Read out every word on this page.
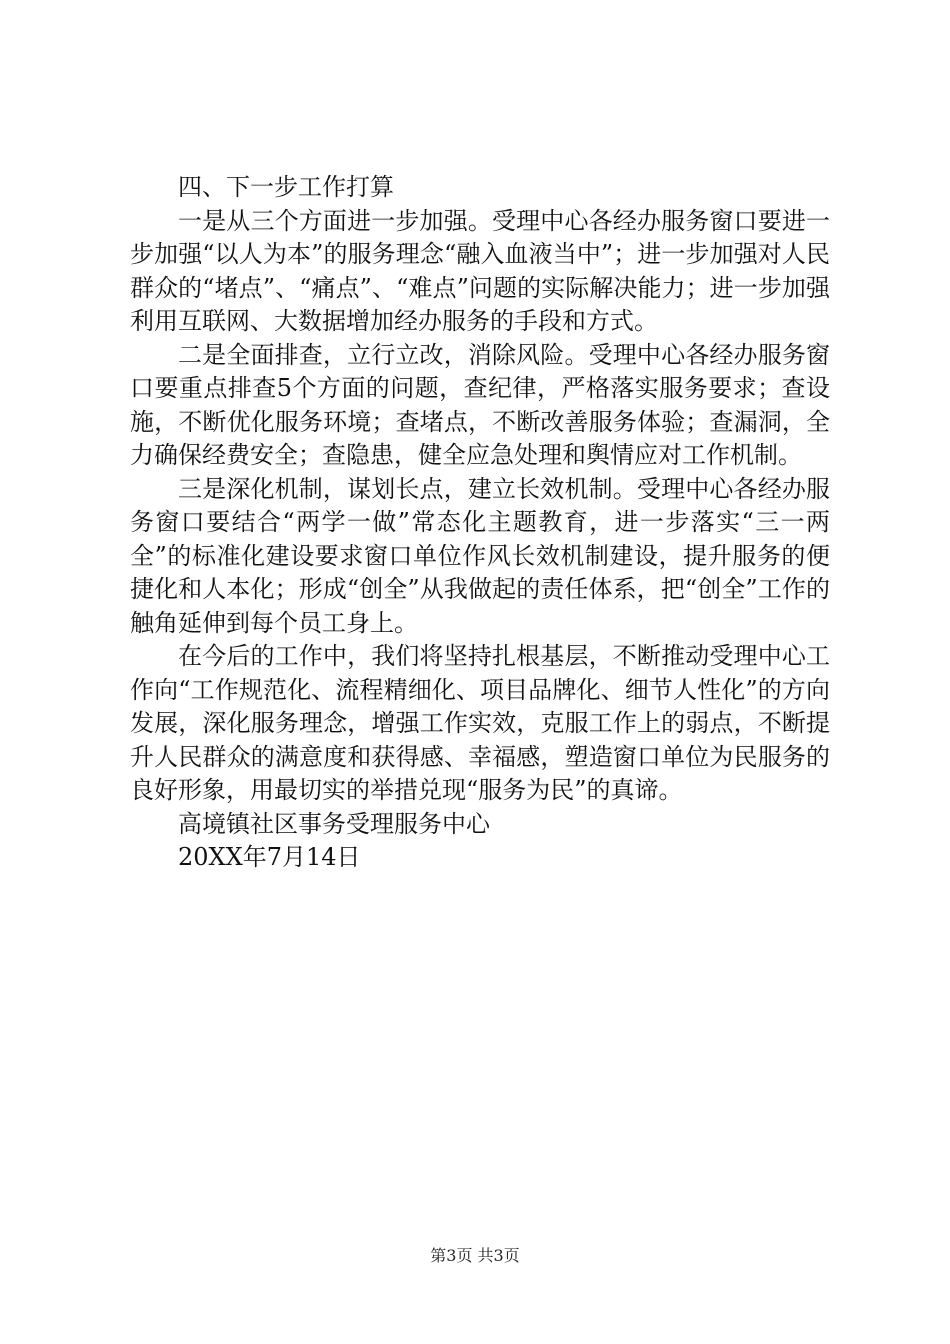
四、下一步工作打算

一是从三个方面进一步加强。受理中心各经办服务窗口要进一步加强“以人为本”的服务理念“融入血液当中”；进一步加强对人民群众的“堵点”、“痛点”、“难点”问题的实际解决能力；进一步加强利用互联网、大数据增加经办服务的手段和方式。

二是全面排查，立行立改，消除风险。受理中心各经办服务窗口要重点排查5个方面的问题，查纪律，严格落实服务要求；查设施，不断优化服务环境；查堵点，不断改善服务体验；查漏洞，全力确保经费安全；查隐患，健全应急处理和舆情应对工作机制。

三是深化机制，谋划长点，建立长效机制。受理中心各经办服务窗口要结合“两学一做”常态化主题教育，进一步落实“三一两全”的标准化建设要求窗口单位作风长效机制建设，提升服务的便捷化和人本化；形成“创全”从我做起的责任体系，把“创全”工作的触角延伸到每个员工身上。

在今后的工作中，我们将坚持扎根基层，不断推动受理中心工作向“工作规范化、流程精细化、项目品牌化、细节人性化”的方向发展，深化服务理念，增强工作实效，克服工作上的弱点，不断提升人民群众的满意度和获得感、幸福感，塑造窗口单位为民服务的良好形象，用最切实的举措兑现“服务为民”的真谛。

高境镇社区事务受理服务中心

20XX年7月14日

第3页 共3页
